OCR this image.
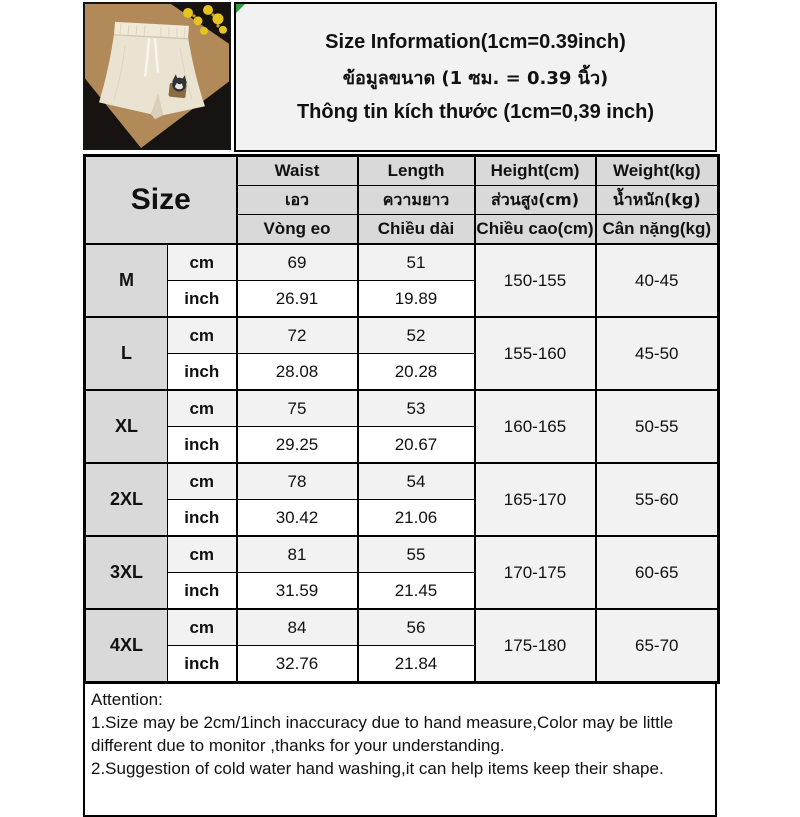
Size Information(1cm=0.39inch)
ข้อมูลขนาด (1 ซม. = 0.39 นิ้ว)
Thông tin kích thước (1cm=0,39 inch)
Size		Waist	Length	Height(cm)	Weight(kg)
		เอว	ความยาว	ส่วนสูง(cm)	น้ำหนัก(kg)
		Vòng eo	Chiều dài	Chiều cao(cm)	Cân nặng(kg)
M	cm	69	51	150-155	40-45
	inch	26.91	19.89		
L	cm	72	52	155-160	45-50
	inch	28.08	20.28		
XL	cm	75	53	160-165	50-55
	inch	29.25	20.67		
2XL	cm	78	54	165-170	55-60
	inch	30.42	21.06		
3XL	cm	81	55	170-175	60-65
	inch	31.59	21.45		
4XL	cm	84	56	175-180	65-70
	inch	32.76	21.84		
Attention:
1.Size may be 2cm/1inch inaccuracy due to hand measure,Color may be little different due to monitor ,thanks for your understanding.
2.Suggestion of cold water hand washing,it can help items keep their shape.
